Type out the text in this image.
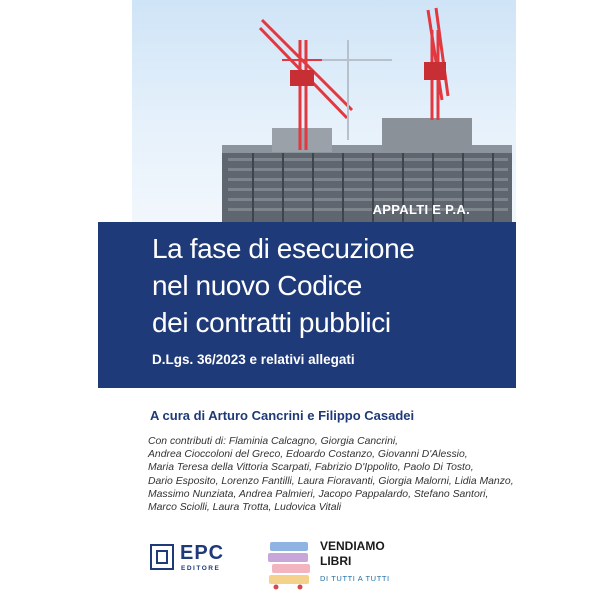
APPALTI E P.A.
La fase di esecuzione
nel nuovo Codice
dei contratti pubblici
D.Lgs. 36/2023 e relativi allegati
A cura di Arturo Cancrini e Filippo Casadei
Con contributi di: Flaminia Calcagno, Giorgia Cancrini,
Andrea Cioccoloni del Greco, Edoardo Costanzo, Giovanni D'Alessio,
Maria Teresa della Vittoria Scarpati, Fabrizio D'Ippolito, Paolo Di Tosto,
Dario Esposito, Lorenzo Fantilli, Laura Fioravanti, Giorgia Malorni, Lidia Manzo,
Massimo Nunziata, Andrea Palmieri, Jacopo Pappalardo, Stefano Santori,
Marco Sciolli, Laura Trotta, Ludovica Vitali
EPC
EDITORE
VENDIAMO
LIBRI
DI TUTTI A TUTTI
